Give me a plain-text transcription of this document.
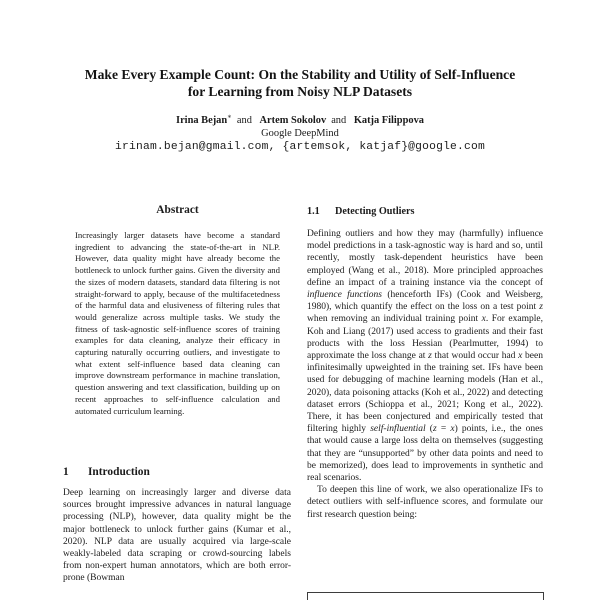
Make Every Example Count: On the Stability and Utility of Self-Influence
for Learning from Noisy NLP Datasets
Irina Bejan∗ and Artem Sokolov and Katja Filippova
Google DeepMind
irinam.bejan@gmail.com, {artemsok, katjaf}@google.com
Abstract

Increasingly larger datasets have become a standard ingredient to advancing the state-of-the-art in NLP. However, data quality might have already become the bottleneck to unlock further gains. Given the diversity and the sizes of modern datasets, standard data filtering is not straight-forward to apply, because of the multifacetedness of the harmful data and elusiveness of filtering rules that would generalize across multiple tasks. We study the fitness of task-agnostic self-influence scores of training examples for data cleaning, analyze their efficacy in capturing naturally occurring outliers, and investigate to what extent self-influence based data cleaning can improve downstream performance in machine translation, question answering and text classification, building up on recent approaches to self-influence calculation and automated curriculum learning.

1 Introduction

Deep learning on increasingly larger and diverse data sources brought impressive advances in natural language processing (NLP), however, data quality might be the major bottleneck to unlock further gains (Kumar et al., 2020). NLP data are usually acquired via large-scale weakly-labeled data scraping or crowd-sourcing labels from non-expert human annotators, which are both error-prone (Bowman

1.1 Detecting Outliers

Defining outliers and how they may (harmfully) influence model predictions in a task-agnostic way is hard and so, until recently, mostly task-dependent heuristics have been employed (Wang et al., 2018). More principled approaches define an impact of a training instance via the concept of influence functions (henceforth IFs) (Cook and Weisberg, 1980), which quantify the effect on the loss on a test point z when removing an individual training point x. For example, Koh and Liang (2017) used access to gradients and their fast products with the loss Hessian (Pearlmutter, 1994) to approximate the loss change at z that would occur had x been infinitesimally upweighted in the training set. IFs have been used for debugging of machine learning models (Han et al., 2020), data poisoning attacks (Koh et al., 2022) and detecting dataset errors (Schioppa et al., 2021; Kong et al., 2022). There, it has been conjectured and empirically tested that filtering highly self-influential (z = x) points, i.e., the ones that would cause a large loss delta on themselves (suggesting that they are “unsupported” by other data points and need to be memorized), does lead to improvements in synthetic and real scenarios.

To deepen this line of work, we also operationalize IFs to detect outliers with self-influence scores, and formulate our first research question being:
